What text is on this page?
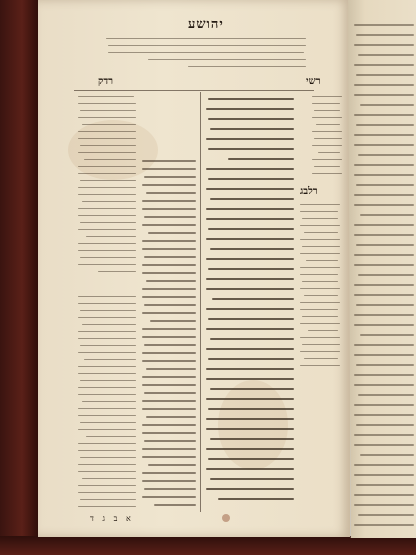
יהושע
רשי
רדק
רלבג
א ב ג ד
